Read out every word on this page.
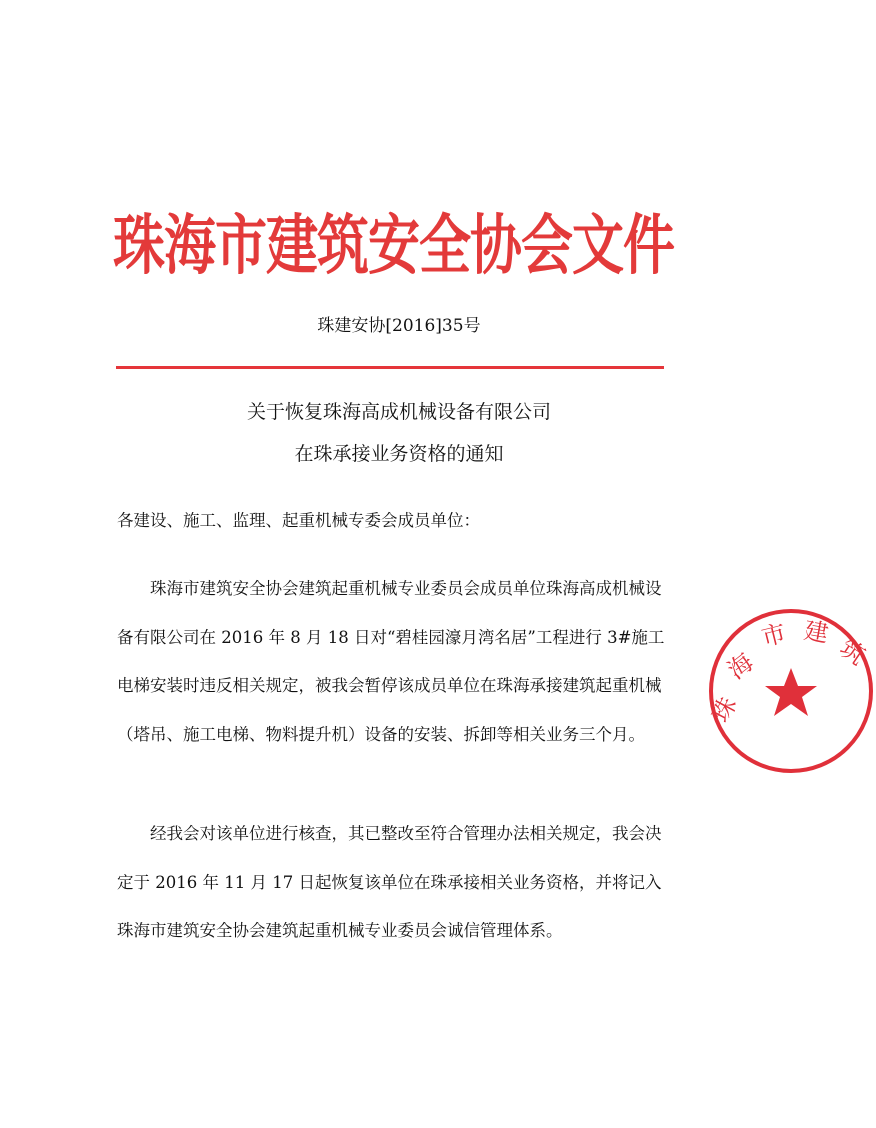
珠海市建筑安全协会文件
珠建安协[2016]35号
关于恢复珠海高成机械设备有限公司
在珠承接业务资格的通知
各建设、施工、监理、起重机械专委会成员单位：
珠海市建筑安全协会建筑起重机械专业委员会成员单位珠海高成机械设备有限公司在 2016 年 8 月 18 日对“碧桂园濠月湾名居”工程进行 3#施工电梯安装时违反相关规定，被我会暂停该成员单位在珠海承接建筑起重机械（塔吊、施工电梯、物料提升机）设备的安装、拆卸等相关业务三个月。
经我会对该单位进行核查，其已整改至符合管理办法相关规定，我会决定于 2016 年 11 月 17 日起恢复该单位在珠承接相关业务资格，并将记入珠海市建筑安全协会建筑起重机械专业委员会诚信管理体系。
珠
海
市 建
筑
